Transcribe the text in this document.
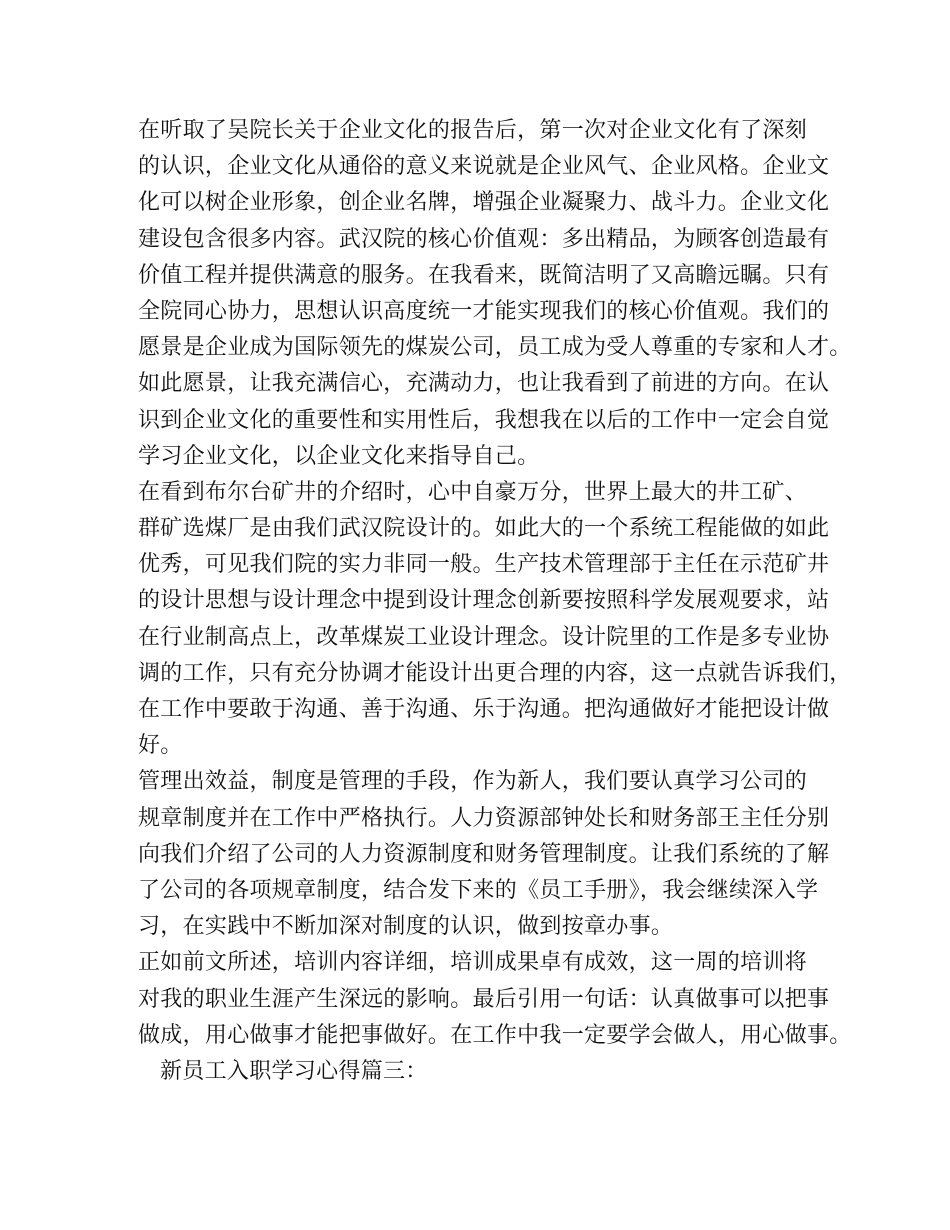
在听取了吴院长关于企业文化的报告后，第一次对企业文化有了深刻
的认识，企业文化从通俗的意义来说就是企业风气、企业风格。企业文
化可以树企业形象，创企业名牌，增强企业凝聚力、战斗力。企业文化
建设包含很多内容。武汉院的核心价值观：多出精品，为顾客创造最有
价值工程并提供满意的服务。在我看来，既简洁明了又高瞻远瞩。只有
全院同心协力，思想认识高度统一才能实现我们的核心价值观。我们的
愿景是企业成为国际领先的煤炭公司，员工成为受人尊重的专家和人才。
如此愿景，让我充满信心，充满动力，也让我看到了前进的方向。在认
识到企业文化的重要性和实用性后，我想我在以后的工作中一定会自觉
学习企业文化，以企业文化来指导自己。
在看到布尔台矿井的介绍时，心中自豪万分，世界上最大的井工矿、
群矿选煤厂是由我们武汉院设计的。如此大的一个系统工程能做的如此
优秀，可见我们院的实力非同一般。生产技术管理部于主任在示范矿井
的设计思想与设计理念中提到设计理念创新要按照科学发展观要求，站
在行业制高点上，改革煤炭工业设计理念。设计院里的工作是多专业协
调的工作，只有充分协调才能设计出更合理的内容，这一点就告诉我们，
在工作中要敢于沟通、善于沟通、乐于沟通。把沟通做好才能把设计做
好。
管理出效益，制度是管理的手段，作为新人，我们要认真学习公司的
规章制度并在工作中严格执行。人力资源部钟处长和财务部王主任分别
向我们介绍了公司的人力资源制度和财务管理制度。让我们系统的了解
了公司的各项规章制度，结合发下来的《员工手册》，我会继续深入学
习，在实践中不断加深对制度的认识，做到按章办事。
正如前文所述，培训内容详细，培训成果卓有成效，这一周的培训将
对我的职业生涯产生深远的影响。最后引用一句话：认真做事可以把事
做成，用心做事才能把事做好。在工作中我一定要学会做人，用心做事。
新员工入职学习心得篇三：
